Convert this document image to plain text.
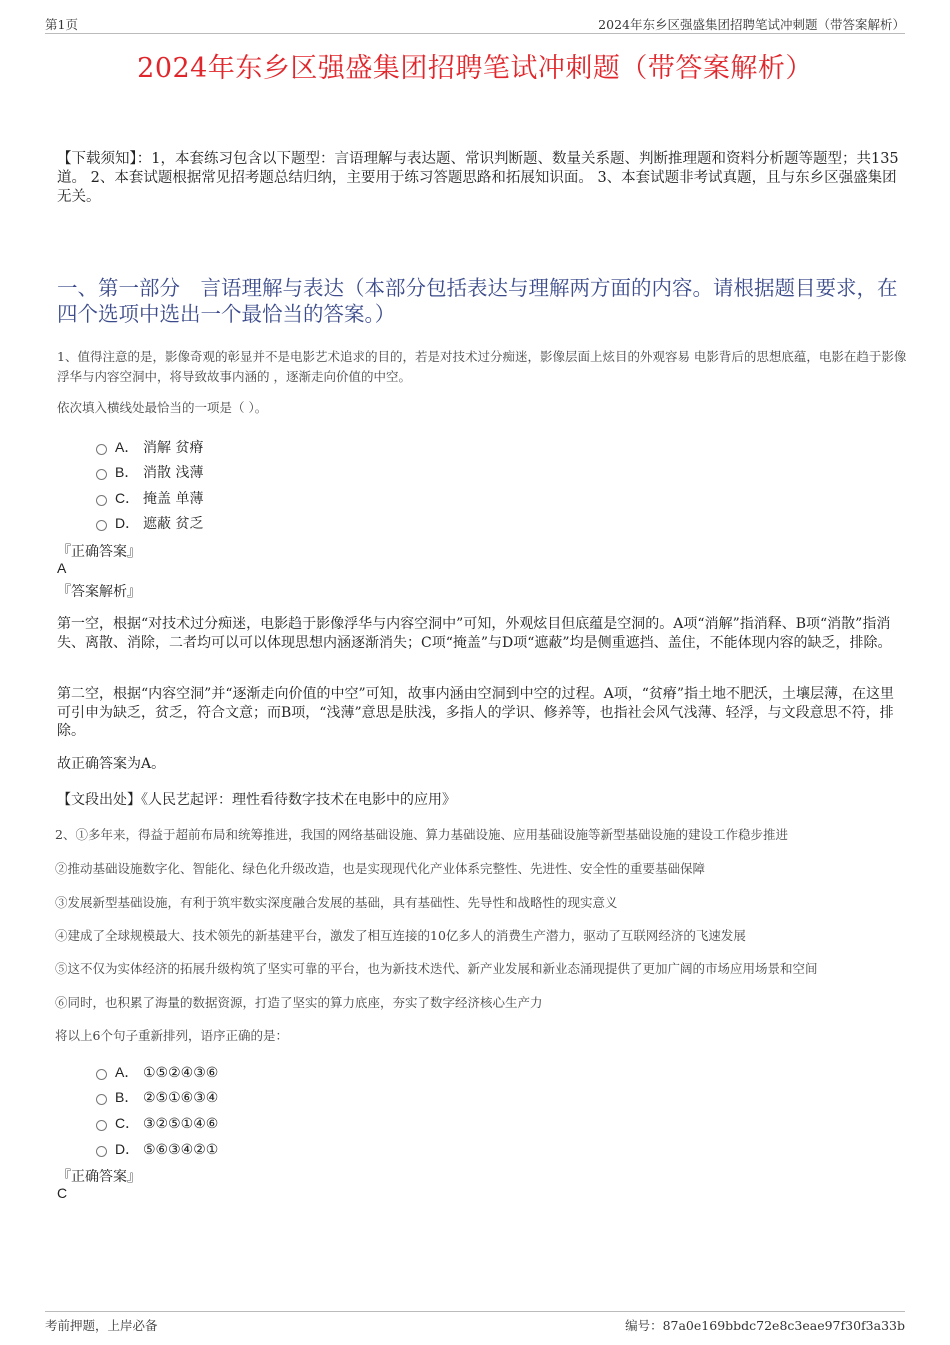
第1页	2024年东乡区强盛集团招聘笔试冲刺题（带答案解析）
2024年东乡区强盛集团招聘笔试冲刺题（带答案解析）
【下载须知】：1，本套练习包含以下题型：言语理解与表达题、常识判断题、数量关系题、判断推理题和资料分析题等题型；共135道。 2、本套试题根据常见招考题总结归纳，主要用于练习答题思路和拓展知识面。 3、本套试题非考试真题，且与东乡区强盛集团无关。
一、第一部分　言语理解与表达（本部分包括表达与理解两方面的内容。请根据题目要求，在四个选项中选出一个最恰当的答案。）
1、值得注意的是，影像奇观的彰显并不是电影艺术追求的目的，若是对技术过分痴迷，影像层面上炫目的外观容易 电影背后的思想底蕴，电影在趋于影像浮华与内容空洞中，将导致故事内涵的 ，逐渐走向价值的中空。
依次填入横线处最恰当的一项是（ ）。
A． 消解 贫瘠
B． 消散 浅薄
C． 掩盖 单薄
D． 遮蔽 贫乏
『正确答案』
A
『答案解析』
第一空，根据“对技术过分痴迷，电影趋于影像浮华与内容空洞中”可知，外观炫目但底蕴是空洞的。A项“消解”指消释、B项“消散”指消失、离散、消除，二者均可以可以体现思想内涵逐渐消失；C项“掩盖”与D项“遮蔽”均是侧重遮挡、盖住，不能体现内容的缺乏，排除。
第二空，根据“内容空洞”并“逐渐走向价值的中空”可知，故事内涵由空洞到中空的过程。A项，“贫瘠”指土地不肥沃，土壤层薄，在这里可引申为缺乏，贫乏，符合文意；而B项，“浅薄”意思是肤浅，多指人的学识、修养等，也指社会风气浅薄、轻浮，与文段意思不符，排除。
故正确答案为A。
【文段出处】《人民艺起评：理性看待数字技术在电影中的应用》
2、①多年来，得益于超前布局和统筹推进，我国的网络基础设施、算力基础设施、应用基础设施等新型基础设施的建设工作稳步推进
②推动基础设施数字化、智能化、绿色化升级改造，也是实现现代化产业体系完整性、先进性、安全性的重要基础保障
③发展新型基础设施，有利于筑牢数实深度融合发展的基础，具有基础性、先导性和战略性的现实意义
④建成了全球规模最大、技术领先的新基建平台，激发了相互连接的10亿多人的消费生产潜力，驱动了互联网经济的飞速发展
⑤这不仅为实体经济的拓展升级构筑了坚实可靠的平台，也为新技术迭代、新产业发展和新业态涌现提供了更加广阔的市场应用场景和空间
⑥同时，也积累了海量的数据资源，打造了坚实的算力底座，夯实了数字经济核心生产力
将以上6个句子重新排列，语序正确的是：
A． ①⑤②④③⑥
B． ②⑤①⑥③④
C． ③②⑤①④⑥
D． ⑤⑥③④②①
『正确答案』
C
考前押题，上岸必备	编号：87a0e169bbdc72e8c3eae97f30f3a33b
